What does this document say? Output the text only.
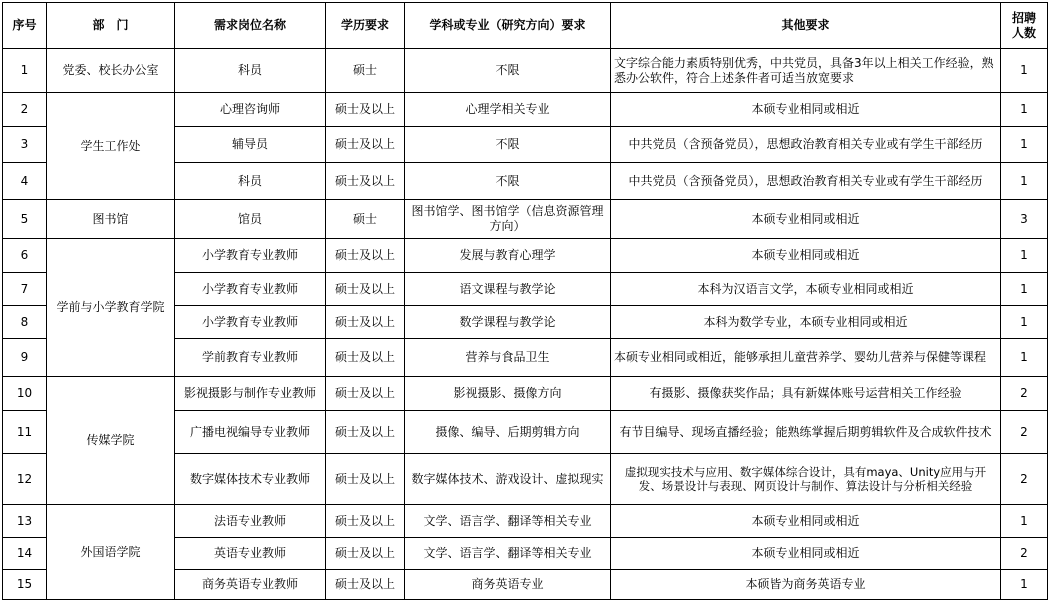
序号	部　门	需求岗位名称	学历要求	学科或专业（研究方向）要求	其他要求	招聘人数
1	党委、校长办公室	科员	硕士	不限	文字综合能力素质特别优秀，中共党员，具备3年以上相关工作经验，熟悉办公软件，符合上述条件者可适当放宽要求	1
2	学生工作处	心理咨询师	硕士及以上	心理学相关专业	本硕专业相同或相近	1
3		辅导员	硕士及以上	不限	中共党员（含预备党员），思想政治教育相关专业或有学生干部经历	1
4		科员	硕士及以上	不限	中共党员（含预备党员），思想政治教育相关专业或有学生干部经历	1
5	图书馆	馆员	硕士	图书馆学、图书馆学（信息资源管理方向）	本硕专业相同或相近	3
6	学前与小学教育学院	小学教育专业教师	硕士及以上	发展与教育心理学	本硕专业相同或相近	1
7		小学教育专业教师	硕士及以上	语文课程与教学论	本科为汉语言文学，本硕专业相同或相近	1
8		小学教育专业教师	硕士及以上	数学课程与教学论	本科为数学专业，本硕专业相同或相近	1
9		学前教育专业教师	硕士及以上	营养与食品卫生	本硕专业相同或相近，能够承担儿童营养学、婴幼儿营养与保健等课程	1
10	传媒学院	影视摄影与制作专业教师	硕士及以上	影视摄影、摄像方向	有摄影、摄像获奖作品；具有新媒体账号运营相关工作经验	2
11		广播电视编导专业教师	硕士及以上	摄像、编导、后期剪辑方向	有节目编导、现场直播经验；能熟练掌握后期剪辑软件及合成软件技术	2
12		数字媒体技术专业教师	硕士及以上	数字媒体技术、游戏设计、虚拟现实	虚拟现实技术与应用、数字媒体综合设计，具有maya、Unity应用与开发、场景设计与表现、网页设计与制作、算法设计与分析相关经验	2
13	外国语学院	法语专业教师	硕士及以上	文学、语言学、翻译等相关专业	本硕专业相同或相近	1
14		英语专业教师	硕士及以上	文学、语言学、翻译等相关专业	本硕专业相同或相近	2
15		商务英语专业教师	硕士及以上	商务英语专业	本硕皆为商务英语专业	1
